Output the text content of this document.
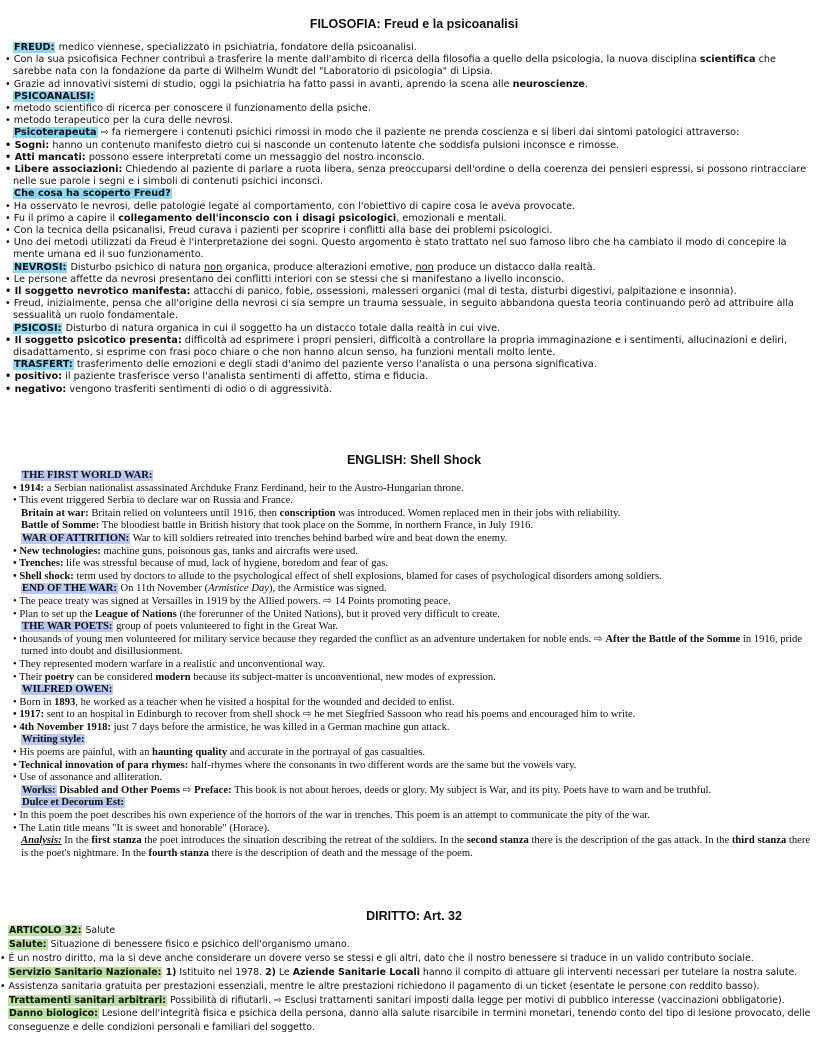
FILOSOFIA: Freud e la psicoanalisi

FREUD: medico viennese, specializzato in psichiatria, fondatore della psicoanalisi.

• Con la sua psicofisica Fechner contribuì a trasferire la mente dall'ambito di ricerca della filosofia a quello della psicologia, la nuova disciplina scientifica che sarebbe nata con la fondazione da parte di Wilhelm Wundt del "Laboratorio di psicologia" di Lipsia.

• Grazie ad innovativi sistemi di studio, oggi la psichiatria ha fatto passi in avanti, aprendo la scena alle neuroscienze.

PSICOANALISI:

• metodo scientifico di ricerca per conoscere il funzionamento della psiche.

• metodo terapeutico per la cura delle nevrosi.

Psicoterapeuta ⇨ fa riemergere i contenuti psichici rimossi in modo che il paziente ne prenda coscienza e si liberi dai sintomi patologici attraverso:

• Sogni: hanno un contenuto manifesto dietro cui si nasconde un contenuto latente che soddisfa pulsioni inconsce e rimosse.

• Atti mancati: possono essere interpretati come un messaggio del nostro inconscio.

• Libere associazioni: Chiedendo al paziente di parlare a ruota libera, senza preoccuparsi dell'ordine o della coerenza dei pensieri espressi, si possono rintracciare nelle sue parole i segni e i simboli di contenuti psichici inconsci.

Che cosa ha scoperto Freud?

• Ha osservato le nevrosi, delle patologie legate al comportamento, con l'obiettivo di capire cosa le aveva provocate.

• Fu il primo a capire il collegamento dell'inconscio con i disagi psicologici, emozionali e mentali.

• Con la tecnica della psicanalisi, Freud curava i pazienti per scoprire i conflitti alla base dei problemi psicologici.

• Uno dei metodi utilizzati da Freud è l'interpretazione dei sogni. Questo argomento è stato trattato nel suo famoso libro che ha cambiato il modo di concepire la mente umana ed il suo funzionamento.

NEVROSI: Disturbo psichico di natura non organica, produce alterazioni emotive, non produce un distacco dalla realtà.

• Le persone affette da nevrosi presentano dei conflitti interiori con se stessi che si manifestano a livello inconscio.

• Il soggetto nevrotico manifesta: attacchi di panico, fobie, ossessioni, malesseri organici (mal di testa, disturbi digestivi, palpitazione e insonnia).

• Freud, inizialmente, pensa che all'origine della nevrosi ci sia sempre un trauma sessuale, in seguito abbandona questa teoria continuando però ad attribuire alla sessualità un ruolo fondamentale.

PSICOSI: Disturbo di natura organica in cui il soggetto ha un distacco totale dalla realtà in cui vive.

• Il soggetto psicotico presenta: difficoltà ad esprimere i propri pensieri, difficoltà a controllare la propria immaginazione e i sentimenti, allucinazioni e deliri, disadattamento, si esprime con frasi poco chiare o che non hanno alcun senso, ha funzioni mentali molto lente.

TRASFERT: trasferimento delle emozioni e degli stadi d'animo del paziente verso l'analista o una persona significativa.

• positivo: il paziente trasferisce verso l'analista sentimenti di affetto, stima e fiducia.

• negativo: vengono trasferiti sentimenti di odio o di aggressività.

ENGLISH: Shell Shock

THE FIRST WORLD WAR:

• 1914: a Serbian nationalist assassinated Archduke Franz Ferdinand, heir to the Austro-Hungarian throne.

• This event triggered Serbia to declare war on Russia and France.

Britain at war: Britain relied on volunteers until 1916, then conscription was introduced. Women replaced men in their jobs with reliability.

Battle of Somme: The bloodiest battle in British history that took place on the Somme, in northern France, in July 1916.

WAR OF ATTRITION: War to kill soldiers retreated into trenches behind barbed wire and beat down the enemy.

• New technologies: machine guns, poisonous gas, tanks and aircrafts were used.

• Trenches: life was stressful because of mud, lack of hygiene, boredom and fear of gas.

• Shell shock: term used by doctors to allude to the psychological effect of shell explosions, blamed for cases of psychological disorders among soldiers.

END OF THE WAR: On 11th November (Armistice Day), the Armistice was signed.

• The peace treaty was signed at Versailles in 1919 by the Allied powers. ⇨ 14 Points promoting peace.

• Plan to set up the League of Nations (the forerunner of the United Nations), but it proved very difficult to create.

THE WAR POETS: group of poets volunteered to fight in the Great War.

• thousands of young men volunteered for military service because they regarded the conflict as an adventure undertaken for noble ends. ⇨ After the Battle of the Somme in 1916, pride turned into doubt and disillusionment.

• They represented modern warfare in a realistic and unconventional way.

• Their poetry can be considered modern because its subject-matter is unconventional, new modes of expression.

WILFRED OWEN:

• Born in 1893, he worked as a teacher when he visited a hospital for the wounded and decided to enlist.

• 1917: sent to an hospital in Edinburgh to recover from shell shock ⇨ he met Siegfried Sassoon who read his poems and encouraged him to write.

• 4th November 1918: just 7 days before the armistice, he was killed in a German machine gun attack.

Writing style:

• His poems are painful, with an haunting quality and accurate in the portrayal of gas casualties.

• Technical innovation of para rhymes: half-rhymes where the consonants in two different words are the same but the vowels vary.

• Use of assonance and alliteration.

Works: Disabled and Other Poems ⇨ Preface: This book is not about heroes, deeds or glory. My subject is War, and its pity. Poets have to warn and be truthful.

Dulce et Decorum Est:

• In this poem the poet describes his own experience of the horrors of the war in trenches. This poem is an attempt to communicate the pity of the war.

• The Latin title means "It is sweet and honorable" (Horace).

Analysis: In the first stanza the poet introduces the situation describing the retreat of the soldiers. In the second stanza there is the description of the gas attack. In the third stanza there is the poet's nightmare. In the fourth stanza there is the description of death and the message of the poem.

DIRITTO: Art. 32

ARTICOLO 32: Salute

Salute: Situazione di benessere fisico e psichico dell'organismo umano.

• É un nostro diritto, ma la si deve anche considerare un dovere verso se stessi e gli altri, dato che il nostro benessere si traduce in un valido contributo sociale.

Servizio Sanitario Nazionale: 1) Istituito nel 1978. 2) Le Aziende Sanitarie Locali hanno il compito di attuare gli interventi necessari per tutelare la nostra salute.

• Assistenza sanitaria gratuita per prestazioni essenziali, mentre le altre prestazioni richiedono il pagamento di un ticket (esentate le persone con reddito basso).

Trattamenti sanitari arbitrari: Possibilità di rifiutarli. ⇨ Esclusi trattamenti sanitari imposti dalla legge per motivi di pubblico interesse (vaccinazioni obbligatorie).

Danno biologico: Lesione dell'integrità fisica e psichica della persona, danno alla salute risarcibile in termini monetari, tenendo conto del tipo di lesione provocato, delle conseguenze e delle condizioni personali e familiari del soggetto.
